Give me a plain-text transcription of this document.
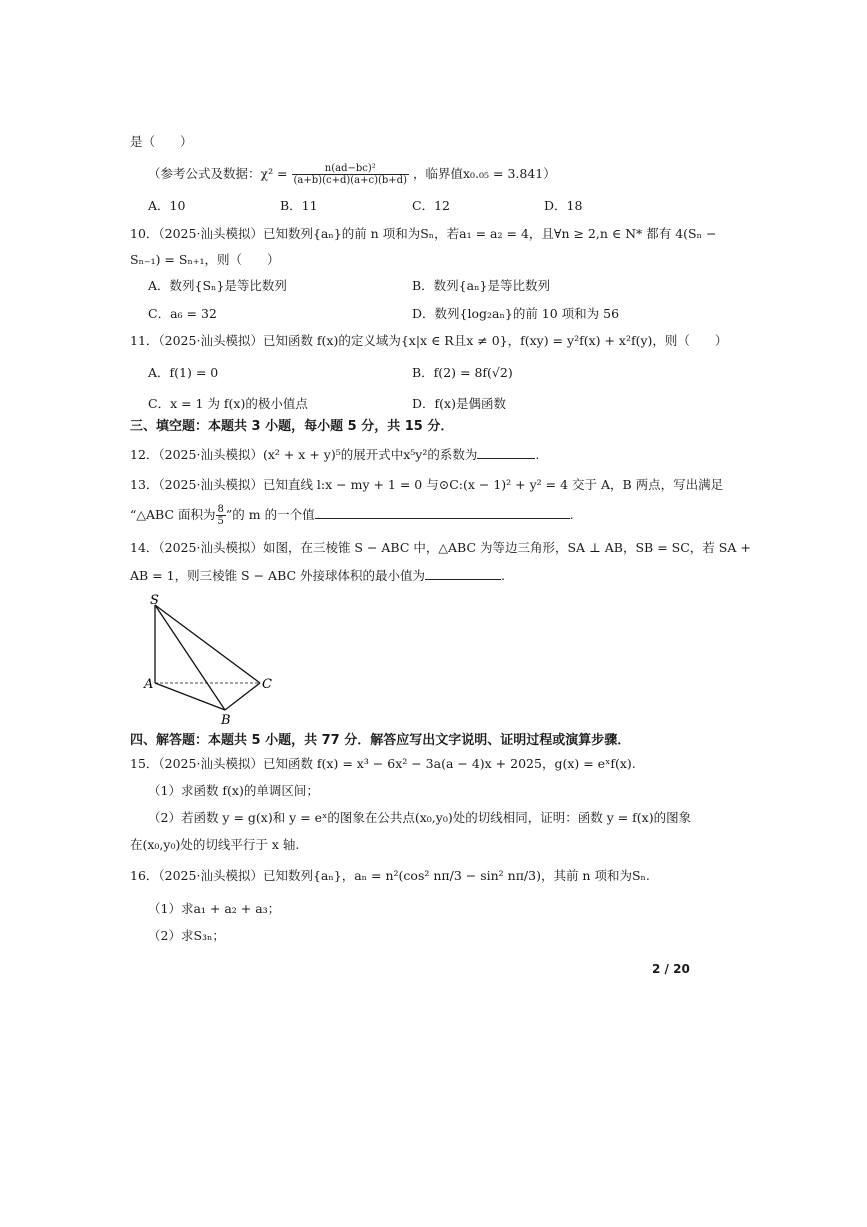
是（　　）
（参考公式及数据：$\chi^2 = \frac{\text{n(ad−bc)²}}{(a+b)(c+d)(a+c)(b+d)}$ ，临界值x₀.₀₅ = 3.841）
A．10	B．11	C．12	D．18
10．（2025·汕头模拟）已知数列{aₙ}的前 n 项和为Sₙ，若a₁ = a₂ = 4，且∀n ≥ 2,n ∈ N* 都有 4(Sₙ −
Sₙ₋₁) = Sₙ₊₁，则（　　）
A．数列{Sₙ}是等比数列	B．数列{aₙ}是等比数列
C．a₆ = 32	D．数列{log₂aₙ}的前 10 项和为 56
11．（2025·汕头模拟）已知函数 f(x)的定义域为{x|x ∈ R且x ≠ 0}，f(xy) = y²f(x) + x²f(y)，则（　　）
A．f(1) = 0	B．f(2) = 8f(√2)
C．x = 1 为 f(x)的极小值点	D．f(x)是偶函数
三、填空题：本题共 3 小题，每小题 5 分，共 15 分．
12．（2025·汕头模拟）(x² + x + y)⁵的展开式中x⁵y²的系数为	.
13．（2025·汕头模拟）已知直线 l:x − my + 1 = 0 与⊙C:(x − 1)² + y² = 4 交于 A，B 两点，写出满足
“△ABC 面积为 $\frac{8}{5}$ ”的 m 的一个值	.
14．（2025·汕头模拟）如图，在三棱锥 S − ABC 中，△ABC 为等边三角形，SA ⊥ AB，SB = SC，若 SA +
AB = 1，则三棱锥 S − ABC 外接球体积的最小值为	.
S
A
B
C
四、解答题：本题共 5 小题，共 77 分．解答应写出文字说明、证明过程或演算步骤．
15．（2025·汕头模拟）已知函数 f(x) = x³ − 6x² − 3a(a − 4)x + 2025，g(x) = eˣf(x).
（1）求函数 f(x)的单调区间；
（2）若函数 y = g(x)和 y = eˣ的图象在公共点(x₀,y₀)处的切线相同，证明：函数 y = f(x)的图象
在(x₀,y₀)处的切线平行于 x 轴.
16．（2025·汕头模拟）已知数列{aₙ}，aₙ = n²(cos² nπ/3 − sin² nπ/3)，其前 n 项和为Sₙ.
（1）求a₁ + a₂ + a₃；
（2）求S₃ₙ；
2 / 20
